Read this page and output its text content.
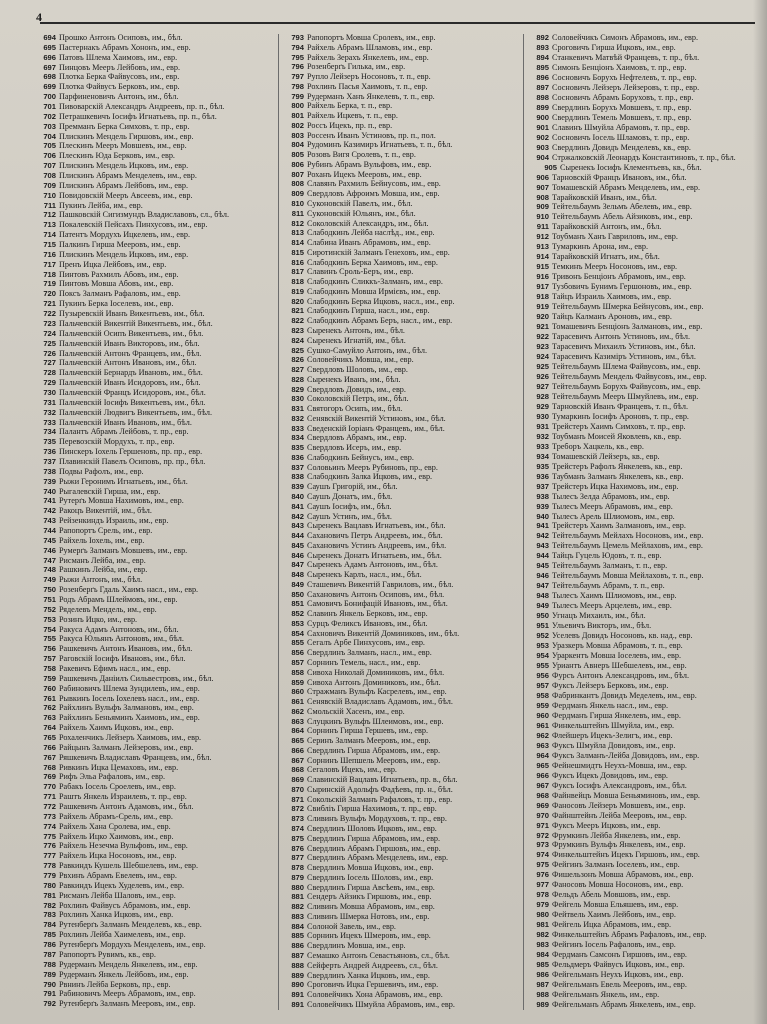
4
694 Прошко Антонъ Осиповъ, им., бѣл.
695 Пастернакъ Абрамъ Хононъ, им., евр.
696 Патовъ Шлема Хаимовъ, им., евр.
697 Пинцовъ Мееръ Лейбовъ, им., евр.
698 Плотка Берка Файвусовъ, им., евр.
699 Плотка Файвусъ Берковъ, им., евр.
700 Парфиненовичъ Антонъ, им., бѣл.
701 Пивоварскій Александръ Андреевъ, пр. п., бѣл.
702 Петрашкевичъ Іосифъ Игнатьевъ, пр. п., бѣл.
703 Премманъ Берка Симховъ, т. пр., евр.
704 Плискинъ Мендель Гиршовъ, им., евр.
705 Плескинъ Мееръ Мовшевъ, им., евр.
706 Плескинъ Юда Берковъ, им., евр.
707 Плискинъ Мендель Ицковъ, им., евр.
708 Плискинъ Абрамъ Менделевъ, им., евр.
709 Плискинъ Абрамъ Лейбовъ, им., евр.
710 Повидовскій Мееръ Авсеевъ, им., евр.
711 Пукинъ Лейба, им., евр.
712 Пашковскій Сигизмундъ Владиславовъ, сл., бѣл.
713 Покалевскій Пейсахъ Пинхусовъ, им., евр.
714 Патентъ Мордухъ Ицкелевъ, им., евр.
715 Палкинъ Гирша Мееровъ, им., евр.
716 Плискинъ Мендель Ицковъ, им., евр.
717 Пренъ Ицка Лейбовъ, им., евр.
718 Пинтовъ Рахмилъ Абовъ, им., евр.
719 Пинтовъ Мовша Абовъ, им., евр.
720 Поксъ Залманъ Рафаловъ, им., евр.
721 Пукинъ Берка Іоселевъ, им., евр.
722 Пузыревскій Иванъ Викентьевъ, им., бѣл.
723 Пальчевскій Викентій Викентьевъ, им., бѣл.
724 Пальчевскій Осипъ Викентьевъ, им., бѣл.
725 Пальчевскій Иванъ Викторовъ, им., бѣл.
726 Пальчевскій Антонъ Францевъ, им., бѣл.
727 Пальчевскій Антонъ Ивановъ, им., бѣл.
728 Пальчевскій Бернардъ Ивановъ, им., бѣл.
729 Пальчевскій Иванъ Исидоровъ, им., бѣл.
730 Пальчевскій Францъ Исидоровъ, им., бѣл.
731 Пальчевскій Іосифъ Викентьевъ, им., бѣл.
732 Пальчевскій Людвигъ Викентьевъ, им., бѣл.
733 Пальчевскій Иванъ Ивановъ, им., бѣл.
734 Палантъ Абрамъ Лейбовъ, т. пр., евр.
735 Перевозскій Мордухъ, т. пр., евр.
736 Пинскеръ Іохель Гершеновъ, пр. пр., евр.
737 Плавинскій Павелъ Осиповъ, пр. пр., бѣл.
738 Подвы Рафолъ, им., евр.
739 Рыжи Геронимъ Игнатьевъ, им., бѣл.
740 Рыгалевскій Гирша, им., евр.
741 Рутерґъ Мовша Нахимовъ, им., евр.
742 Ракоцъ Викентій, им., бѣл.
743 Рейзенкиндъ Израиль, им., евр.
744 Рапопортъ Срель, им., евр.
745 Райхель Іохель, им., евр.
746 Румерґъ Залманъ Мовшевъ, им., евр.
747 Рисманъ Лейба, им., евр.
748 Рашкинъ Лейба, им., евр.
749 Рыжи Антонъ, им., бѣл.
750 Розенберґъ Гдаль Хаимъ насл., им., евр.
751 Родъ Абрамъ Шлеймовъ, им., евр.
752 Ряделевъ Мендель, им., евр.
753 Розинъ Ицко, им., евр.
754 Ракуса Адамъ Антоновъ, им., бѣл.
755 Ракуса Юльянъ Антоновъ, им., бѣл.
756 Рашкевичъ Антонъ Ивановъ, им., бѣл.
757 Раговскій Іосифъ Ивановъ, им., бѣл.
758 Ракевичъ Ефимъ насл., им., евр.
759 Рашкевичъ Даніилъ Сильвестровъ, им., бѣл.
760 Рабиновичъ Шлема Зундилевъ, им., евр.
761 Рывкинъ Іосель Іохелевъ насл., им., евр.
762 Райхлинъ Вульфъ Залмановъ, им., евр.
763 Райхлинъ Беньяминъ Хаимовъ, им., евр.
764 Райхель Хаимъ Ицковъ, им., евр.
765 Рохаленчикъ Лейзеръ Хаимовъ, им., евр.
766 Райцынъ Залманъ Лейзеровъ, им., евр.
767 Ряшкевичъ Владиславъ Францевъ, им., бѣл.
768 Ривкинъ Ицка Цемаховъ, им., евр.
769 Рифъ Эльа Рафаловъ, им., евр.
770 Рабакъ Іосель Сроелевъ, им., евр.
771 Раштъ Янкель Израилевъ, т. пр., евр.
772 Рашкевичъ Антонъ Адамовъ, им., бѣл.
773 Райхель Абрамъ-Срель, им., евр.
774 Райхель Хана Сролева, им., евр.
775 Райхель Ицко Хаимовъ, им., евр.
776 Райхель Незечма Вульфовъ, им., евр.
777 Райхель Ицка Носоновъ, им., евр.
778 Равкиндъ Кушель Шебшелевъ, им., евр.
779 Рвхинъ Абрамъ Евелевъ, им., евр.
780 Равкиндъ Ицекъ Худелевъ, им., евр.
781 Рисманъ Лейба Шаловъ, им., евр.
782 Рохлинъ Файвусъ Абрамовъ, им., евр.
783 Рохлинъ Ханка Ицковъ, им., евр.
784 Рутенберґъ Залманъ Менделевъ, кв., евр.
785 Рохлинъ Лейба Хаимелевъ, им., евр.
786 Рутенберґъ Мордухъ Менделевъ, им., евр.
787 Рапопортъ Рувимъ, кв., евр.
788 Рудерманъ Мендель Янкелевъ, им., евр.
789 Рудерманъ Янкель Лейбовъ, им., евр.
790 Рвнинъ Лейба Берковъ, пр., евр.
791 Рабиновичъ Мееръ Абрамовъ, им., евр.
792 Рутенберґъ Залманъ Мееровъ, им., евр.
793 Рапопортъ Мовша Сролевъ, им., евр.
794 Райхель Абрамъ Шламовъ, им., евр.
795 Райхель Зерахъ Янкелевъ, им., евр.
796 Розенберґъ Гилька, им., евр.
797 Рупло Лейзеръ Носоновъ, т. п., евр.
798 Рохлинъ Пасья Хаимовъ, т. п., евр.
799 Рудерманъ Ханъ Янкелевъ, т. п., евр.
800 Райхель Берка, т. п., евр.
801 Райхель Ицкевъ, т. п., евр.
802 Россъ Ицекъ, пр. п., евр.
803 Россенъ Иванъ Устиновъ, пр. п., пол.
804 Рудоминъ Казимиръ Игнатьевъ, т. п., бѣл.
805 Розовъ Вигя Сролевъ, т. п., евр.
806 Рубинъ Абрамъ Вульфовъ, им., евр.
807 Роханъ Ицекъ Мееровъ, им., евр.
808 Славянъ Рахмилъ Бейнусовъ, им., евр.
809 Свердловъ Афроимъ Мовша, им., евр.
810 Суконовскій Павелъ, им., бѣл.
811 Суконовскій Юльянъ, им., бѣл.
812 Соколовскій Александръ, им., бѣл.
813 Слабодкинъ Лейба наслѣд., им., евр.
814 Слабина Иванъ Абрамовъ, им., евр.
815 Сиротинскій Залманъ Генеховъ, им., евр.
816 Слабодкинъ Берка Хаимовъ, им., евр.
817 Славинъ Сроль-Беръ, им., евр.
818 Слабодкинъ Сликкъ-Залманъ, им., евр.
819 Слабодкинъ Мовша Ирмієвъ, им., евр.
820 Слабодкинъ Берка Ицковъ, насл., им., евр.
821 Слабодкинъ Гирша, насл., им., евр.
822 Слабодкинъ Абрамъ Беръ, насл., им., евр.
823 Сыренекъ Антонъ, им., бѣл.
824 Сыренекъ Игнатій, им., бѣл.
825 Сушко-Самуйло Антонъ, им., бѣл.
826 Соловейчикъ Мовша, им., евр.
827 Свердловъ Шоловъ, им., евр.
828 Сыренекъ Иванъ, им., бѣл.
829 Свердловъ Довидъ, им., евр.
830 Соколовскій Петръ, им., бѣл.
831 Святогоръ Осипъ, им., бѣл.
832 Сенявскій Викентій Устиновъ, им., бѣл.
833 Сведенскій Іоріанъ Францевъ, им., бѣл.
834 Свердловъ Абрамъ, им., евр.
835 Свердловъ Исеръ, им., евр.
836 Слабодкинъ Бейнусъ, им., евр.
837 Соловьинъ Мееръ Рубиновъ, пр., евр.
838 Слабодкинъ Залка Ицковъ, им., евр.
839 Саушъ Григорій, им., бѣл.
840 Саушъ Донатъ, им., бѣл.
841 Саушъ Іосифъ, им., бѣл.
842 Саушъ Устинъ, им., бѣл.
843 Сыренекъ Вацлавъ Игнатьевъ, им., бѣл.
844 Сахановичъ Петръ Андреевъ, им., бѣл.
845 Сахановичъ Устинъ Андреевъ, им., бѣл.
846 Сыренекъ Донатъ Игнатьевъ, им., бѣл.
847 Сыренекъ Адамъ Антоновъ, им., бѣл.
848 Сыренекъ Карлъ, насл., им., бѣл.
849 Сташевичъ Викентій Гавриловъ, им., бѣл.
850 Сахановичъ Антонъ Осиповъ, им., бѣл.
851 Самовичъ Бонифацій Ивановъ, им., бѣл.
852 Славинъ Янкель Берковъ, им., евр.
853 Сурцъ Феликсъ Ивановъ, им., бѣл.
854 Сахновичъ Викентій Доминиковъ, им., бѣл.
855 Сегалъ Арбе Пинхусовъ, им., евр.
856 Свердлинъ Залманъ, насл., им., евр.
857 Сорнинъ Темель, насл., им., евр.
858 Сивоха Николай Доминиковъ, им., бѣл.
859 Сивоха Антонъ Доминиковъ, им., бѣл.
860 Стражманъ Вульфъ Касрелевъ, им., евр.
861 Сенявскій Владиславъ Адамовъ, им., бѣл.
862 Смольскій Хасенъ, им., евр.
863 Слуцкинъ Вульфъ Шлеимовъ, им., евр.
864 Сорнинъ Гирша Гершевъ, им., евр.
865 Серинъ Залманъ Мееровъ, им., евр.
866 Свердлинъ Гирша Абрамовъ, им., евр.
867 Сорнинъ Шепшель Мееровъ, им., евр.
868 Сегаловъ Ицекъ, им., евр.
869 Славинскій Вацлавъ Игнатьевъ, пр. в., бѣл.
870 Сыринскій Адольфъ Фадѣевъ, пр. н., бѣл.
871 Сокольскій Залманъ Рафаловъ, т. пр., евр.
872 Свибліъ Гирша Нахимовъ, т. пр., евр.
873 Сливинъ Вульфъ Мордуховъ, т. пр., евр.
874 Свердлинъ Шоловъ Ицковъ, им., евр.
875 Свердлинъ Гирша Абрамовъ, им., евр.
876 Свердлинъ Абрамъ Гиршовъ, им., евр.
877 Свердлинъ Абрамъ Менделевъ, им., евр.
878 Свердлинъ Мовша Ицковъ, им., евр.
879 Свердлинъ Іосель Шоловъ, им., евр.
880 Свердлинъ Гирша Авсѣевъ, им., евр.
881 Сендеръ Айзикъ Гиршовъ, им., евр.
882 Сливинъ Мовша Абрамовъ, им., евр.
883 Сливинъ Шмерка Нотовъ, им., евр.
884 Солоной Завель, им., евр.
885 Сорнинъ Ицекъ Шмеровъ, им., евр.
886 Свердлинъ Мовша, им., евр.
887 Семашко Антонъ Севастьяновъ, сл., бѣл.
888 Сейферть Андрей Андреевъ, сл., бѣл.
889 Свердлинъ Ханка Ицковъ, им., евр.
890 Сроговичъ Ицка Гершевичъ, им., евр.
891 Соловейчикъ Хона Абрамовъ, им., евр.
891 Соловейчикъ Шмуйла Абрамовъ, им., евр.
892 Соловейчикъ Симонъ Абрамовъ, им., евр.
893 Сроговичъ Гирша Ицковъ, им., евр.
894 Станкевичъ Матвѣй Францевъ, т. пр., бѣл.
895 Симонъ Бенціонъ Хаимовъ, т. пр., евр.
896 Сосновичъ Борухъ Нефтелевъ, т. пр., евр.
897 Сосновичъ Лейзеръ Лейзеровъ, т. пр., евр.
898 Сосновичъ Абрамъ Боруховъ, т. пр., евр.
899 Свердлинъ Борухъ Мовшевъ, т. пр., евр.
900 Свердлинъ Темель Мовшевъ, т. пр., евр.
901 Славинъ Шмуйла Абрамовъ, т. пр., евр.
902 Сосновичъ Іосель Шламовъ, т. пр., евр.
903 Свердлинъ Довидъ Менделевъ, кв., евр.
904 Стржалковскій Леонардъ Константиновъ, т. пр., бѣл.
905 Сыренекъ Іосифъ Клементьевъ, кв., бѣл.
906 Тарновскій Францъ Ивановъ, им., бѣл.
907 Томашевскій Абрамъ Менделевъ, им., евр.
908 Тарайковскій Иванъ, им., бѣл.
909 Тейтельбаумъ Зельмъ Абелевъ, им., евр.
910 Тейтельбаумъ Абель Айзиковъ, им., евр.
911 Тарайковскій Антонъ, им., бѣл.
912 Тоубманъ Ханъ Гавриловъ, им., евр.
913 Тумаркинъ Арона, им., евр.
914 Тарайковскій Игнатъ, им., бѣл.
915 Темкинъ Мееръ Носоновъ, им., евр.
916 Тривонъ Бенціонъ Абрамовъ, им., евр.
917 Тузбовичъ Бунимъ Гершоновъ, им., евр.
918 Тайцъ Израиль Хаимовъ, им., евр.
919 Тейтельбаумъ Шмерка Бейнусовъ, им., евр.
920 Тайцъ Калманъ Ароновъ, им., евр.
921 Томашевичъ Бенціонъ Залмановъ, им., евр.
922 Тарасевичъ Антонъ Устиновъ, им., бѣл.
923 Тарасевичъ Михаилъ Устиновъ, им., бѣл.
924 Тарасевичъ Казиміръ Устиновъ, им., бѣл.
925 Тейтельбаумъ Шлема Файвусовъ, им., евр.
926 Тейтельбаумъ Мендель Файвусовъ, им., евр.
927 Тейтельбаумъ Борухъ Файвусовъ, им., евр.
928 Тейтельбаумъ Мееръ Шмуйлевъ, им., евр.
929 Тарновскій Иванъ Францевъ, т. п., бѣл.
930 Тумаркинъ Іосифъ Ароновъ, т. пр., евр.
931 Трейстеръ Хаимъ Симховъ, т. пр., евр.
932 Тоубманъ Моисей Яковлевъ, кв., евр.
933 Треборъ Хацкель, кв., евр.
934 Томашевскій Лейзеръ, кв., евр.
935 Трейстеръ Рафолъ Янкелевъ, кв., евр.
936 Таубманъ Залманъ Янкелевъ, кв., евр.
937 Трейстеръ Ицка Нахимовъ, им., евр.
938 Тылесъ Зелда Абрамовъ, им., евр.
939 Тылесъ Мееръ Абрамовъ, им., евр.
940 Тылесъ Арель Шлиомовъ, им., евр.
941 Трейстеръ Хаимъ Залмановъ, им., евр.
942 Тейтельбаумъ Мейлахъ Носоновъ, им., евр.
943 Тейтельбаумъ Цемель Мейлаховъ, им., евр.
944 Тайцъ Гуцель Юдовъ, т. п., евр.
945 Тейтельбаумъ Залманъ, т. п., евр.
946 Тейтельбаумъ Мовша Мейлаховъ, т. п., евр.
947 Тейтельбаумъ Абрамъ, т. п., евр.
948 Тылесъ Хаимъ Шлиомовъ, им., евр.
949 Тылесъ Мееръ Арцелевъ, им., евр.
950 Угнацъ Михаилъ, им., бѣл.
951 Ульевичъ Викторъ, им., бѣл.
952 Уселевъ Довидъ Носоновъ, кв. над., евр.
953 Уразкеръ Мовша Абрамовъ, т. п., евр.
954 Ураркентъ Мовша Іоселевъ, им., евр.
955 Уриантъ Авнеръ Шебшелевъ, им., евр.
956 Фурсъ Антонъ Александровъ, им., бѣл.
957 Фуксъ Лейзеръ Берковъ, им., евр.
958 Фабринкантъ Довидъ Меделевъ, им., евр.
959 Фердманъ Янкель насл., им., евр.
960 Фердманъ Гирша Янкелевъ, им., евр.
961 Финкельштейнъ Шмуйла, им., евр.
962 Флейшеръ Ицекъ-Зелигъ, им., евр.
963 Фуксъ Шмуйла Довидовъ, им., евр.
964 Фуксъ Залманъ-Лейба Довидовъ, им., евр.
965 Фейнешмидтъ Неухъ-Мовша, им., евр.
966 Фуксъ Ицекъ Довидовъ, им., евр.
967 Фуксъ Іосифъ Александровъ, им., бѣл.
968 Файнвейцъ Мовша Беньяминовъ, им., евр.
969 Фаносовъ Лейзеръ Мовшевъ, им., евр.
970 Файнштейнъ Лейба Мееровъ, им., евр.
971 Фуксъ Мееръ Ицковъ, им., евр.
972 Фрумкинъ Лейба Янкелевъ, им., евр.
973 Фрумкинъ Вульфъ Янкелевъ, им., евр.
974 Финкельштейнъ Ицекъ Гиршовъ, им., евр.
975 Фейгинъ Залманъ Іоселевъ, им., евр.
976 Фишельзонъ Мовша Абрамовъ, им., евр.
977 Фаносовъ Мовша Носоновъ, им., евр.
978 Фельдъ Абель Мовшовъ, им., евр.
979 Фейгель Мовша Ельяшевъ, им., евр.
980 Фейтвель Хаимъ Лейбовъ, им., евр.
981 Фейгель Ицка Абрамовъ, им., евр.
982 Финкельштейнъ Абрамъ Рафаловъ, им., евр.
983 Фейгинъ Іосель Рафаловъ, им., евр.
984 Фердманъ Самсонъ Гиршовъ, им., евр.
985 Фельдмеръ Файвусъ Ицковъ, им., евр.
986 Фейгельманъ Неухъ Ицковъ, им., евр.
987 Фейгельманъ Евель Мееровъ, им., евр.
988 Фейгельманъ Янкель, им., евр.
989 Фейгельманъ Абрамъ Янкелевъ, им., евр.
